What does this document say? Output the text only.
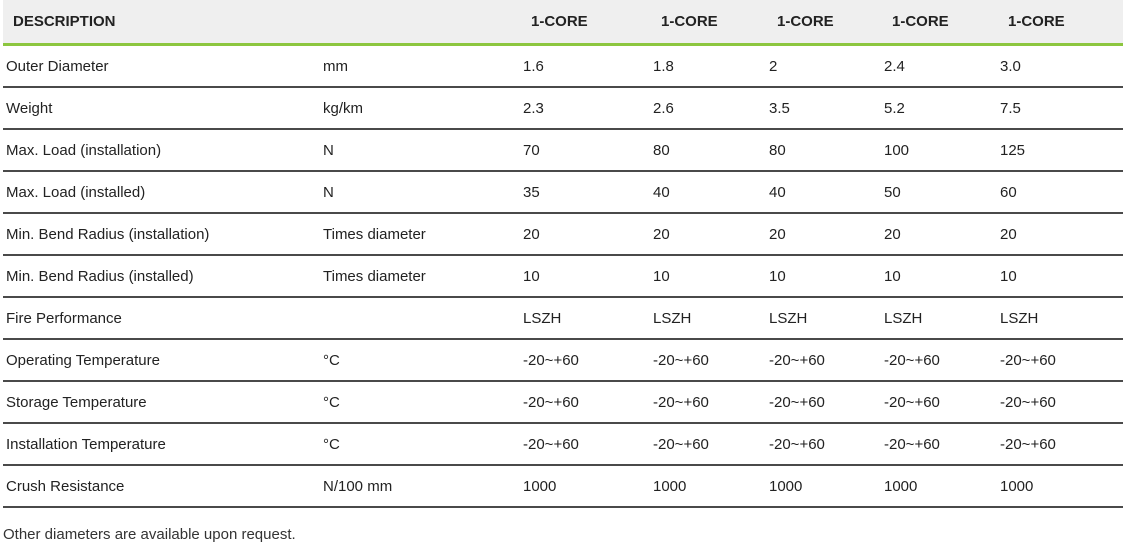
DESCRIPTION		1-CORE	1-CORE	1-CORE	1-CORE	1-CORE
Outer Diameter	mm	1.6	1.8	2	2.4	3.0
Weight	kg/km	2.3	2.6	3.5	5.2	7.5
Max. Load (installation)	N	70	80	80	100	125
Max. Load (installed)	N	35	40	40	50	60
Min. Bend Radius (installation)	Times diameter	20	20	20	20	20
Min. Bend Radius (installed)	Times diameter	10	10	10	10	10
Fire Performance		LSZH	LSZH	LSZH	LSZH	LSZH
Operating Temperature	°C	-20~+60	-20~+60	-20~+60	-20~+60	-20~+60
Storage Temperature	°C	-20~+60	-20~+60	-20~+60	-20~+60	-20~+60
Installation Temperature	°C	-20~+60	-20~+60	-20~+60	-20~+60	-20~+60
Crush Resistance	N/100 mm	1000	1000	1000	1000	1000
Other diameters are available upon request.
